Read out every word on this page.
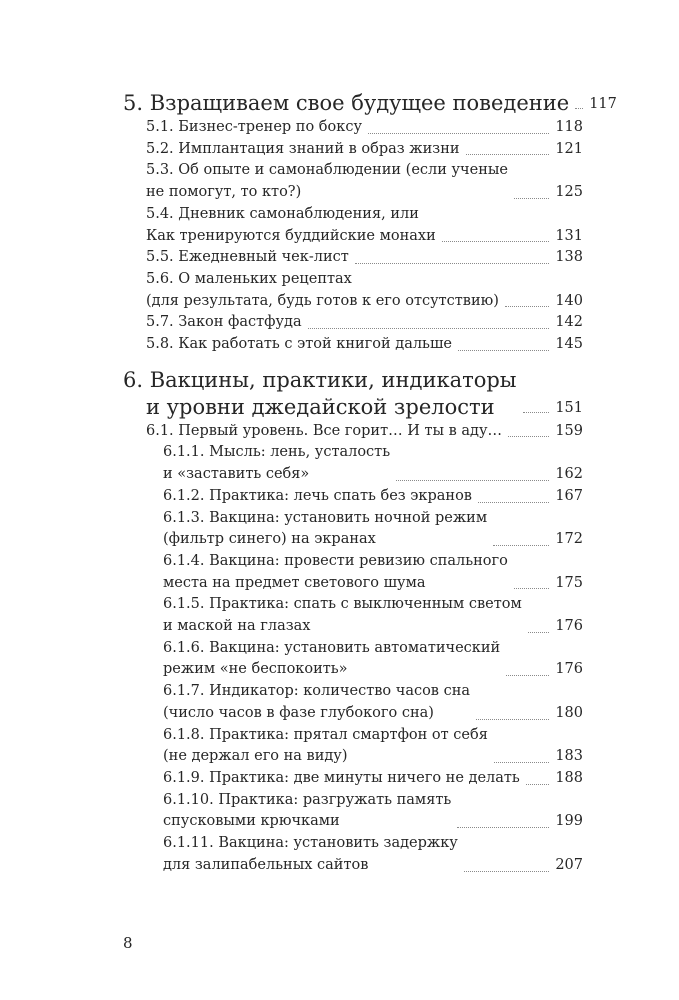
5. Взращиваем свое будущее поведение 117
5.1. Бизнес-тренер по боксу	118
5.2. Имплантация знаний в образ жизни	121
5.3. Об опыте и самонаблюдении (если ученые
не помогут, то кто?)	125
5.4. Дневник самонаблюдения, или
Как тренируются буддийские монахи	131
5.5. Ежедневный чек-лист	138
5.6. О маленьких рецептах
(для результата, будь готов к его отсутствию)	140
5.7. Закон фастфуда	142
5.8. Как работать с этой книгой дальше	145
6. Вакцины, практики, индикаторы
и уровни джедайской зрелости	151
6.1. Первый уровень. Все горит… И ты в аду…	159
6.1.1. Мысль: лень, усталость
и «заставить себя»	162
6.1.2. Практика: лечь спать без экранов	167
6.1.3. Вакцина: установить ночной режим
(фильтр синего) на экранах	172
6.1.4. Вакцина: провести ревизию спального
места на предмет светового шума	175
6.1.5. Практика: спать с выключенным светом
и маской на глазах	176
6.1.6. Вакцина: установить автоматический
режим «не беспокоить»	176
6.1.7. Индикатор: количество часов сна
(число часов в фазе глубокого сна)	180
6.1.8. Практика: прятал смартфон от себя
(не держал его на виду)	183
6.1.9. Практика: две минуты ничего не делать 188
6.1.10. Практика: разгружать память
спусковыми крючками	199
6.1.11. Вакцина: установить задержку
для залипабельных сайтов	207
8
